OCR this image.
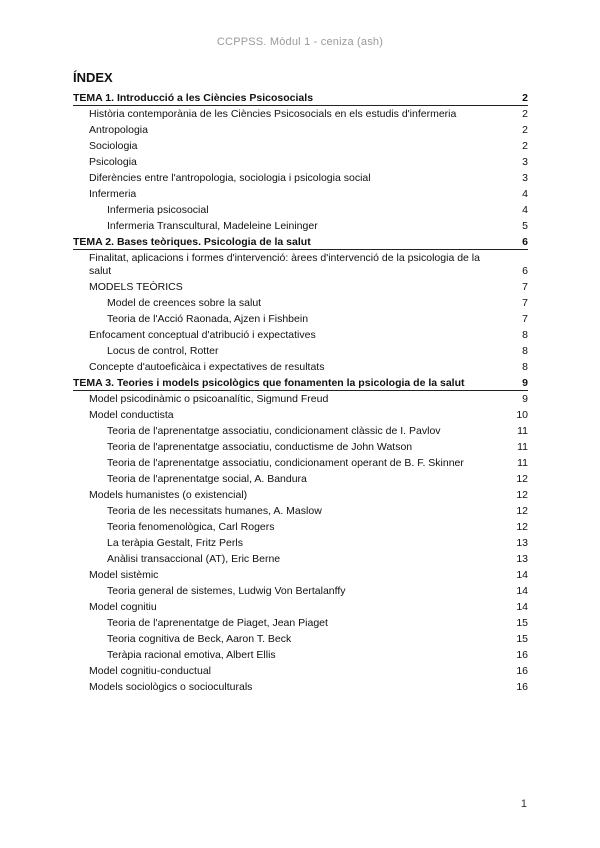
CCPPSS. Mòdul 1 - ceniza (ash)
ÍNDEX
TEMA 1. Introducció a les Ciències Psicosocials	2
Història contemporània de les Ciències Psicosocials en els estudis d'infermeria	2
Antropologia	2
Sociologia	2
Psicologia	3
Diferències entre l'antropologia, sociologia i psicologia social	3
Infermeria	4
Infermeria psicosocial	4
Infermeria Transcultural, Madeleine Leininger	5
TEMA 2. Bases teòriques. Psicologia de la salut	6
Finalitat, aplicacions i formes d'intervenció: àrees d'intervenció de la psicologia de la salut	6
MODELS TEÒRICS	7
Model de creences sobre la salut	7
Teoria de l'Acció Raonada, Ajzen i Fishbein	7
Enfocament conceptual d'atribució i expectatives	8
Locus de control, Rotter	8
Concepte d'autoeficàica i expectatives de resultats	8
TEMA 3. Teories i models psicològics que fonamenten la psicologia de la salut	9
Model psicodinàmic o psicoanalític, Sigmund Freud	9
Model conductista	10
Teoria de l'aprenentatge associatiu, condicionament clàssic de I. Pavlov	11
Teoria de l'aprenentatge associatiu, conductisme de John Watson	11
Teoria de l'aprenentatge associatiu, condicionament operant de B. F. Skinner	11
Teoria de l'aprenentatge social, A. Bandura	12
Models humanistes (o existencial)	12
Teoria de les necessitats humanes, A. Maslow	12
Teoria fenomenològica, Carl Rogers	12
La teràpia Gestalt, Fritz Perls	13
Anàlisi transaccional (AT), Eric Berne	13
Model sistèmic	14
Teoria general de sistemes, Ludwig Von Bertalanffy	14
Model cognitiu	14
Teoria de l'aprenentatge de Piaget, Jean Piaget	15
Teoria cognitiva de Beck, Aaron T. Beck	15
Teràpia racional emotiva, Albert Ellis	16
Model cognitiu-conductual	16
Models sociològics o socioculturals	16
1
